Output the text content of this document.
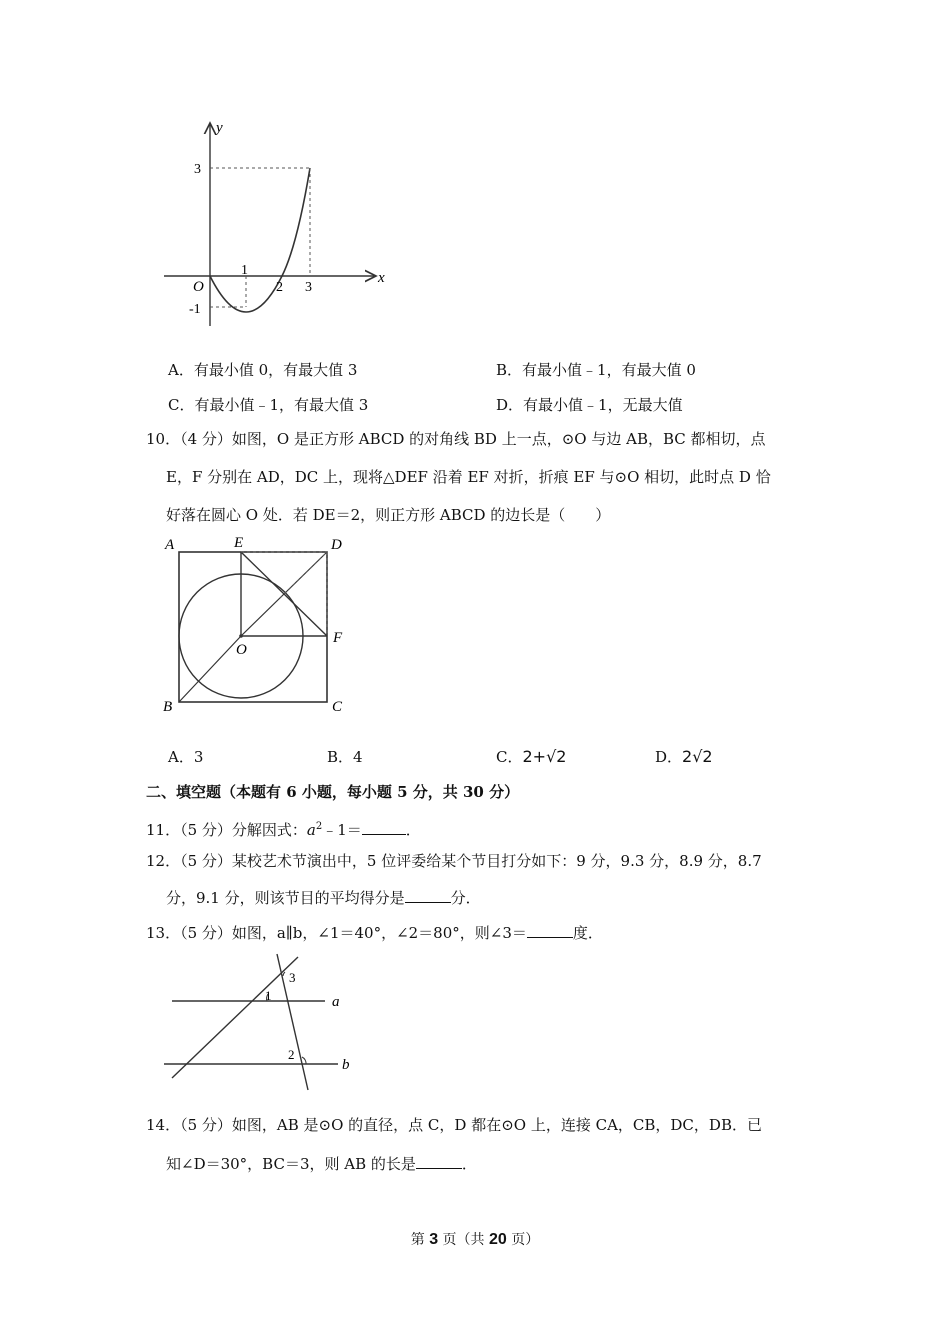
y
x
O
3
-1
1
2 3
A．有最小值 0，有最大值 3	B．有最小值﹣1，有最大值 0
C．有最小值﹣1，有最大值 3	D．有最小值﹣1，无最大值
10．（4 分）如图，O 是正方形 ABCD 的对角线 BD 上一点，⊙O 与边 AB，BC 都相切，点
E，F 分别在 AD，DC 上，现将△DEF 沿着 EF 对折，折痕 EF 与⊙O 相切，此时点 D 恰
好落在圆心 O 处．若 DE＝2，则正方形 ABCD 的边长是（　　）
A	E	D
F
O
B	C
A．3	B．4	C．2+√2	D．2√2
二、填空题（本题有 6 小题，每小题 5 分，共 30 分）
11．（5 分）分解因式：$a^2﹣1=$	．
12．（5 分）某校艺术节演出中，5 位评委给某个节目打分如下：9 分，9.3 分，8.9 分，8.7
分，9.1 分，则该节目的平均得分是	分．
13．（5 分）如图，a∥b，∠1＝40°，∠2＝80°，则∠3＝	度．
1
2
3
a
b
14．（5 分）如图，AB 是⊙O 的直径，点 C，D 都在⊙O 上，连接 CA，CB，DC，DB．已
知∠D＝30°，BC＝3，则 AB 的长是	．
第 3 页（共 20 页）
